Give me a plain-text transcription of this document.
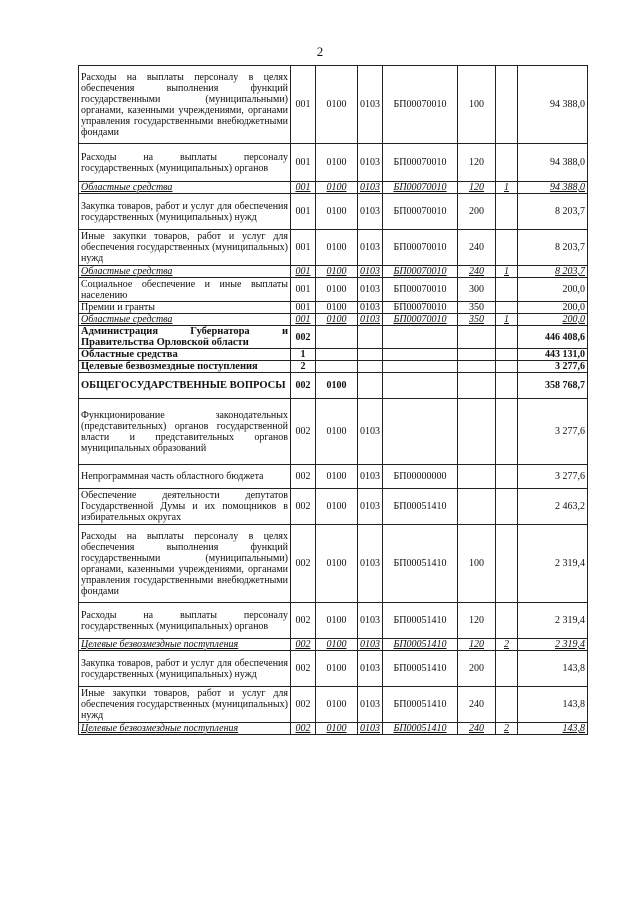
2
Расходы на выплаты персоналу в целях обеспечения выполнения функций государственными (муниципальными) органами, казенными учреждениями, органами управления государственными внебюджетными фондами	001	0100	0103	БП00070010	100		94 388,0
Расходы на выплаты персоналу государственных (муниципальных) органов	001	0100	0103	БП00070010	120		94 388,0
Областные средства	001	0100	0103	БП00070010	120	1	94 388,0
Закупка товаров, работ и услуг для обеспечения государственных (муниципальных) нужд	001	0100	0103	БП00070010	200		8 203,7
Иные закупки товаров, работ и услуг для обеспечения государственных (муниципальных) нужд	001	0100	0103	БП00070010	240		8 203,7
Областные средства	001	0100	0103	БП00070010	240	1	8 203,7
Социальное обеспечение и иные выплаты населению	001	0100	0103	БП00070010	300		200,0
Премии и гранты	001	0100	0103	БП00070010	350		200,0
Областные средства	001	0100	0103	БП00070010	350	1	200,0
Администрация Губернатора и Правительства Орловской области	002						446 408,6
Областные средства	1						443 131,0
Целевые безвозмездные поступления	2						3 277,6
ОБЩЕГОСУДАРСТВЕННЫЕ ВОПРОСЫ	002	0100					358 768,7
Функционирование законодательных (представительных) органов государственной власти и представительных органов муниципальных образований	002	0100	0103				3 277,6
Непрограммная часть областного бюджета	002	0100	0103	БП00000000			3 277,6
Обеспечение деятельности депутатов Государственной Думы и их помощников в избирательных округах	002	0100	0103	БП00051410			2 463,2
Расходы на выплаты персоналу в целях обеспечения выполнения функций государственными (муниципальными) органами, казенными учреждениями, органами управления государственными внебюджетными фондами	002	0100	0103	БП00051410	100		2 319,4
Расходы на выплаты персоналу государственных (муниципальных) органов	002	0100	0103	БП00051410	120		2 319,4
Целевые безвозмездные поступления	002	0100	0103	БП00051410	120	2	2 319,4
Закупка товаров, работ и услуг для обеспечения государственных (муниципальных) нужд	002	0100	0103	БП00051410	200		143,8
Иные закупки товаров, работ и услуг для обеспечения государственных (муниципальных) нужд	002	0100	0103	БП00051410	240		143,8
Целевые безвозмездные поступления	002	0100	0103	БП00051410	240	2	143,8
